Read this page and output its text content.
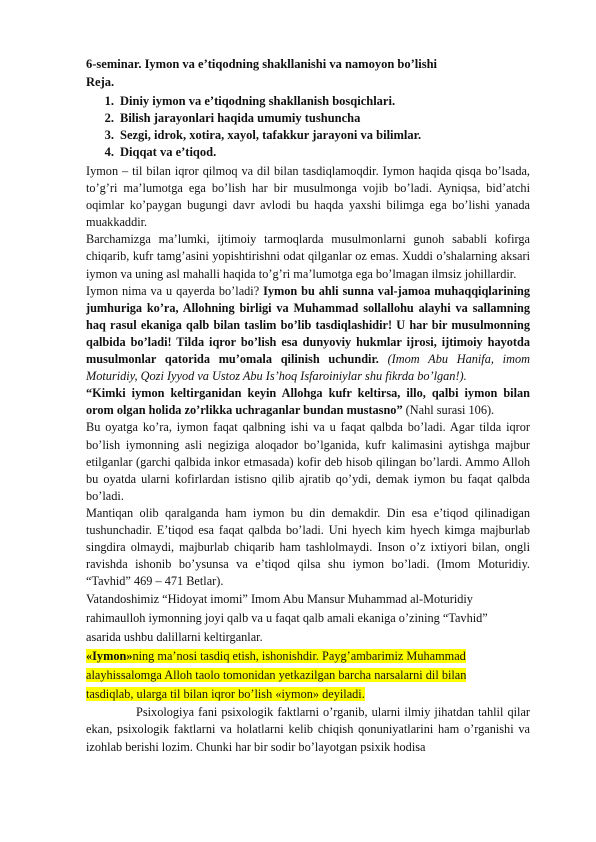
6-seminar. Iymon va e’tiqodning shakllanishi va namoyon bo’lishi
Reja.
1. Diniy iymon va e’tiqodning shakllanish bosqichlari.
2. Bilish jarayonlari haqida umumiy tushuncha
3. Sezgi, idrok, xotira, xayol, tafakkur jarayoni va bilimlar.
4. Diqqat va e’tiqod.

Iymon – til bilan iqror qilmoq va dil bilan tasdiqlamoqdir. Iymon haqida qisqa bo’lsada, to’g’ri ma’lumotga ega bo’lish har bir musulmonga vojib bo’ladi. Ayniqsa, bid’atchi oqimlar ko’paygan bugungi davr avlodi bu haqda yaxshi bilimga ega bo’lishi yanada muakkaddir.

Barchamizga ma’lumki, ijtimoiy tarmoqlarda musulmonlarni gunoh sababli kofirga chiqarib, kufr tamg’asini yopishtirishni odat qilganlar oz emas. Xuddi o’shalarning aksari iymon va uning asl mahalli haqida to’g’ri ma’lumotga ega bo’lmagan ilmsiz johillardir.

Iymon nima va u qayerda bo’ladi? Iymon bu ahli sunna val-jamoa muhaqqiqlarining jumhuriga ko’ra, Allohning birligi va Muhammad sollallohu alayhi va sallamning haq rasul ekaniga qalb bilan taslim bo’lib tasdiqlashidir! U har bir musulmonning qalbida bo’ladi! Tilda iqror bo’lish esa dunyoviy hukmlar ijrosi, ijtimoiy hayotda musulmonlar qatorida mu’omala qilinish uchundir. (Imom Abu Hanifa, imom Moturidiy, Qozi Iyyod va Ustoz Abu Is’hoq Isfaroiniylar shu fikrda bo’lgan!).

“Kimki iymon keltirganidan keyin Allohga kufr keltirsa, illo, qalbi iymon bilan orom olgan holida zo’rlikka uchraganlar bundan mustasno” (Nahl surasi 106).

Bu oyatga ko’ra, iymon faqat qalbning ishi va u faqat qalbda bo’ladi. Agar tilda iqror bo’lish iymonning asli negiziga aloqador bo’lganida, kufr kalimasini aytishga majbur etilganlar (garchi qalbida inkor etmasada) kofir deb hisob qilingan bo’lardi. Ammo Alloh bu oyatda ularni kofirlardan istisno qilib ajratib qo’ydi, demak iymon bu faqat qalbda bo’ladi.

Mantiqan olib qaralganda ham iymon bu din demakdir. Din esa e’tiqod qilinadigan tushunchadir. E’tiqod esa faqat qalbda bo’ladi. Uni hyech kim hyech kimga majburlab singdira olmaydi, majburlab chiqarib ham tashlolmaydi. Inson o’z ixtiyori bilan, ongli ravishda ishonib bo’ysunsa va e’tiqod qilsa shu iymon bo’ladi. (Imom Moturidiy. “Tavhid” 469 – 471 Betlar).

Vatandoshimiz “Hidoyat imomi” Imom Abu Mansur Muhammad al-Moturidiy
rahimaulloh iymonning joyi qalb va u faqat qalb amali ekaniga o’zining “Tavhid”
asarida ushbu dalillarni keltirganlar.

«Iymon»ning ma’nosi tasdiq etish, ishonishdir. Payg’ambarimiz Muhammad
alayhissalomga Alloh taolo tomonidan yetkazilgan barcha narsalarni dil bilan
tasdiqlab, ularga til bilan iqror bo’lish «iymon» deyiladi.

Psixologiya fani psixologik faktlarni o’rganib, ularni ilmiy jihatdan tahlil qilar ekan, psixologik faktlarni va holatlarni kelib chiqish qonuniyatlarini ham o’rganishi va izohlab berishi lozim. Chunki har bir sodir bo’layotgan psixik hodisa
